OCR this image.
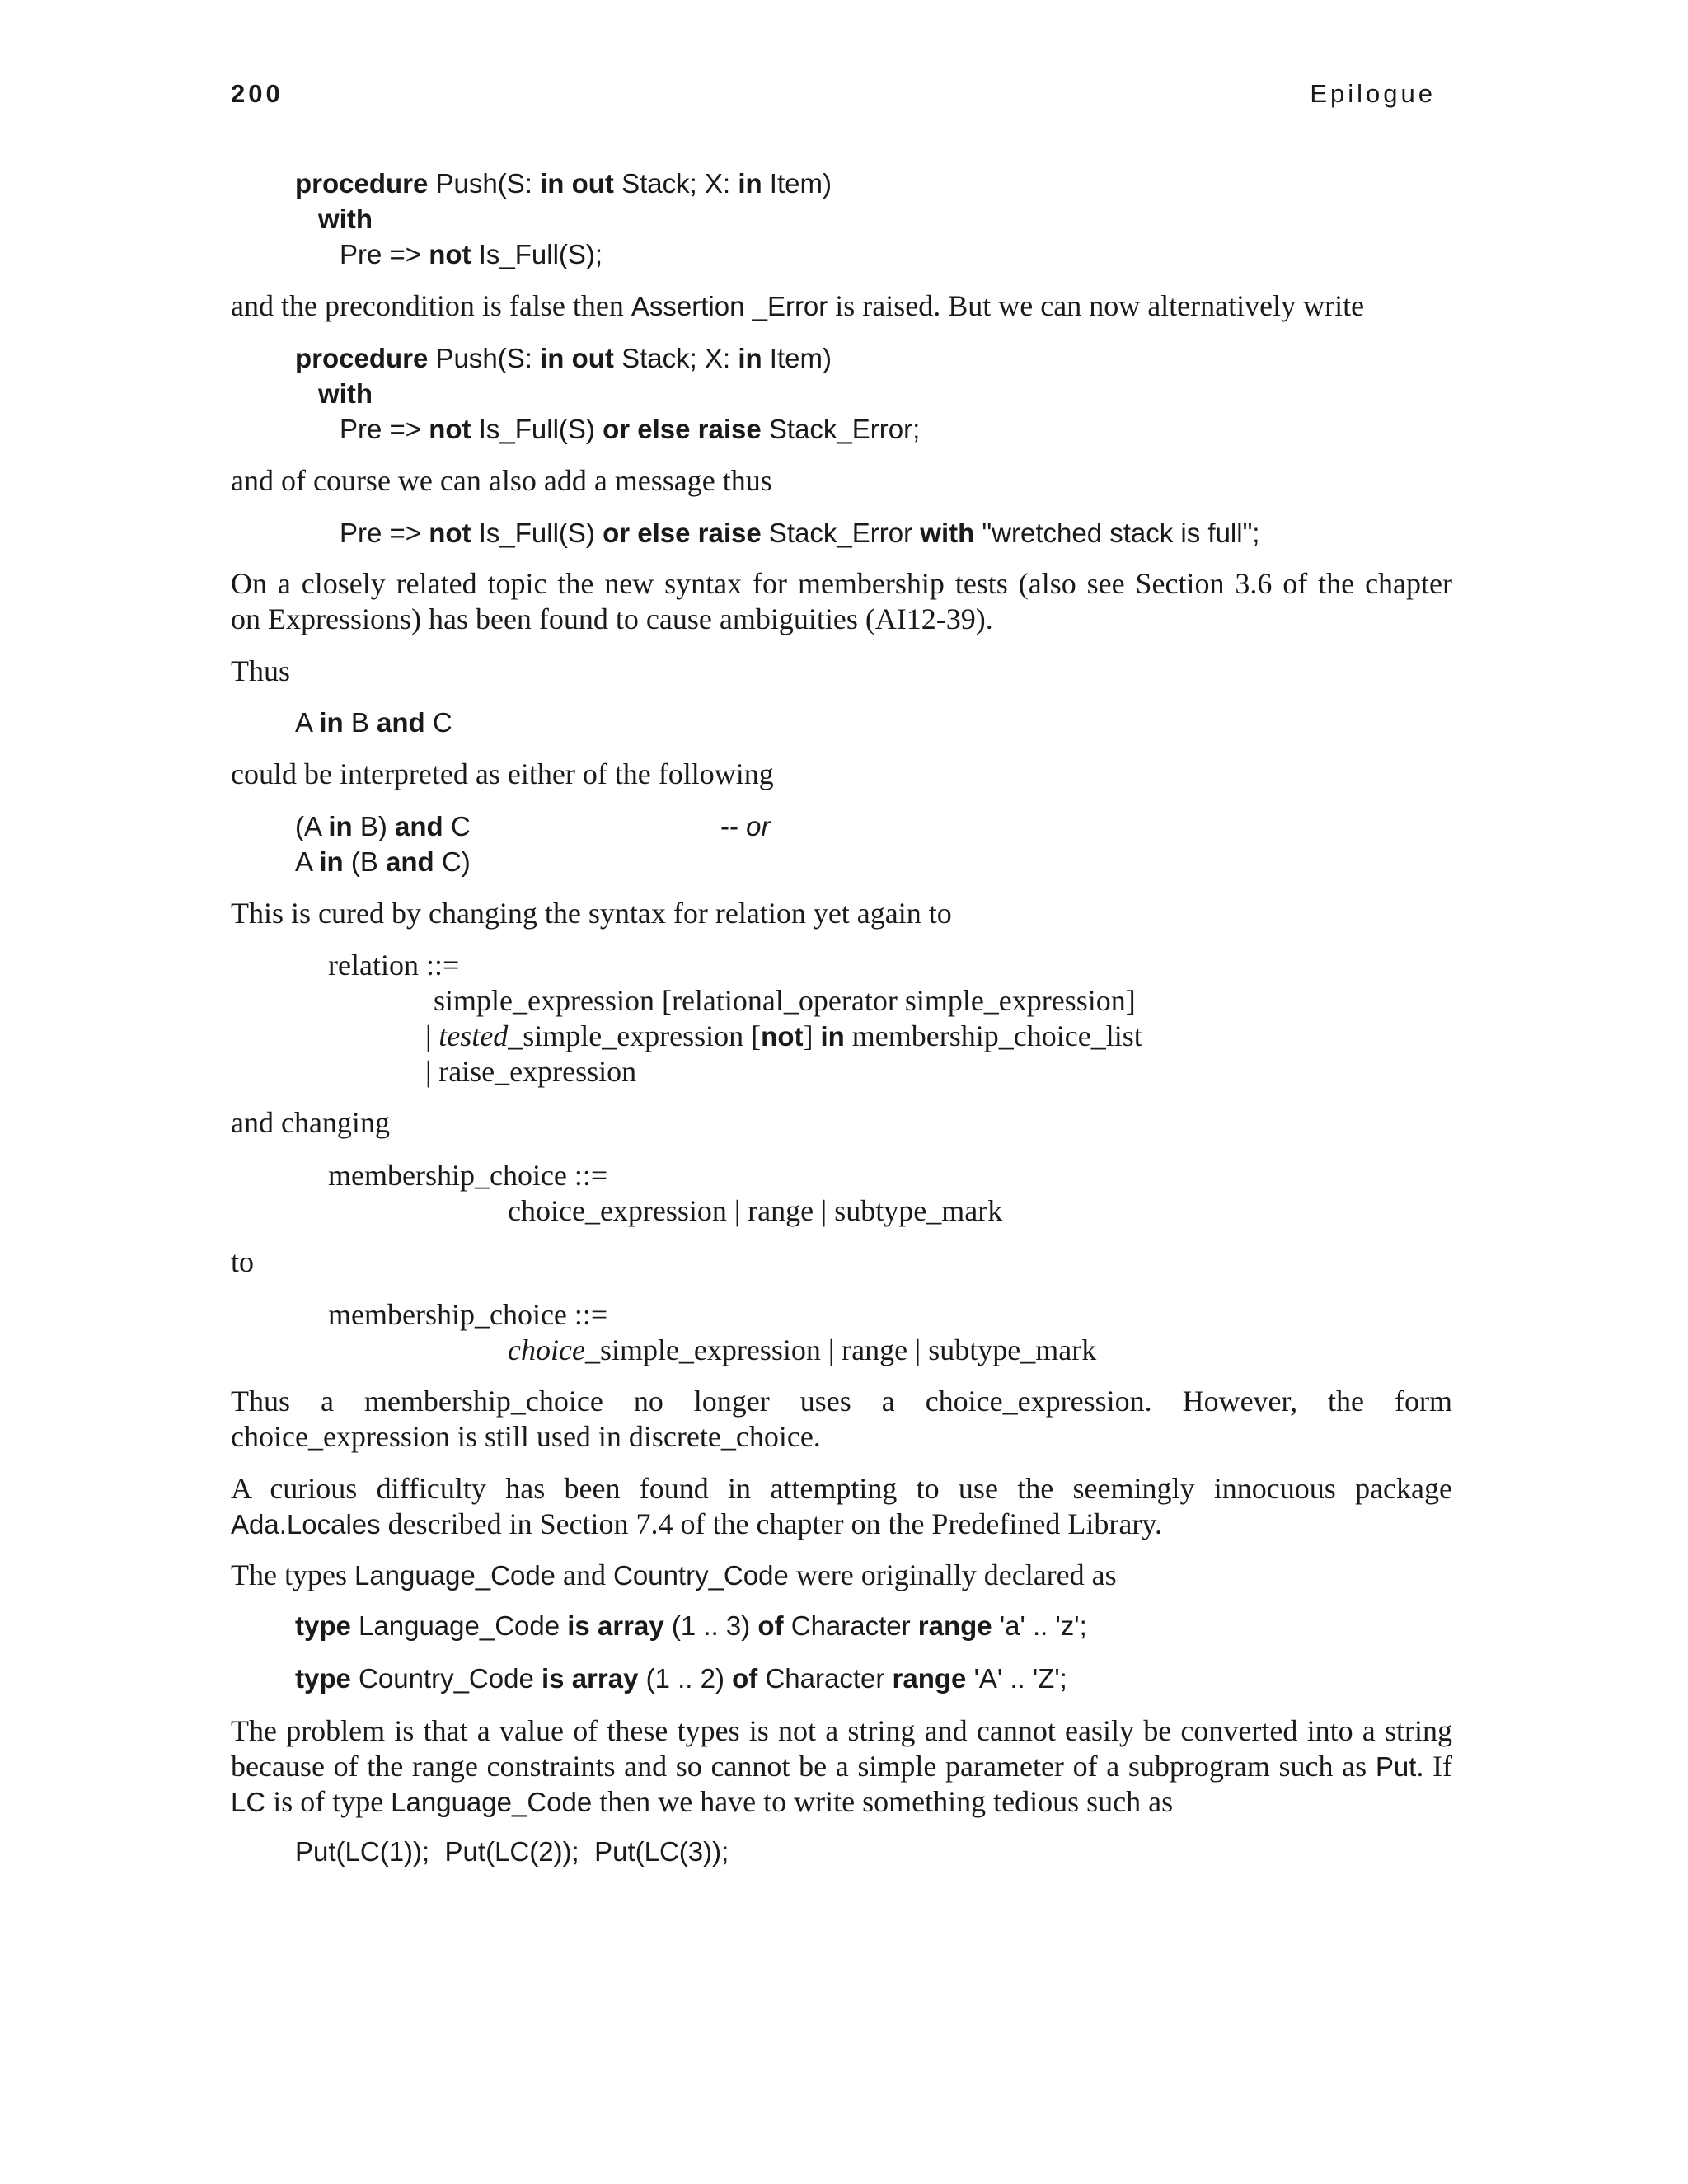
200	Epilogue
procedure Push(S: in out Stack; X: in Item)
with
Pre => not Is_Full(S);
and the precondition is false then Assertion _Error is raised. But we can now alternatively write
procedure Push(S: in out Stack; X: in Item)
with
Pre => not Is_Full(S) or else raise Stack_Error;
and of course we can also add a message thus
Pre => not Is_Full(S) or else raise Stack_Error with "wretched stack is full";
On a closely related topic the new syntax for membership tests (also see Section 3.6 of the chapter
on Expressions) has been found to cause ambiguities (AI12-39).
Thus
A in B and C
could be interpreted as either of the following
(A in B) and C	-- or
A in (B and C)
This is cured by changing the syntax for relation yet again to
relation ::=
simple_expression [relational_operator simple_expression]
| tested_simple_expression [not] in membership_choice_list
| raise_expression
and changing
membership_choice ::=
choice_expression | range | subtype_mark
to
membership_choice ::=
choice_simple_expression | range | subtype_mark
Thus a membership_choice no longer uses a choice_expression. However, the form
choice_expression is still used in discrete_choice.
A curious difficulty has been found in attempting to use the seemingly innocuous package
Ada.Locales described in Section 7.4 of the chapter on the Predefined Library.
The types Language_Code and Country_Code were originally declared as
type Language_Code is array (1 .. 3) of Character range 'a' .. 'z';
type Country_Code is array (1 .. 2) of Character range 'A' .. 'Z';
The problem is that a value of these types is not a string and cannot easily be converted into a string
because of the range constraints and so cannot be a simple parameter of a subprogram such as Put. If
LC is of type Language_Code then we have to write something tedious such as
Put(LC(1));  Put(LC(2));  Put(LC(3));
